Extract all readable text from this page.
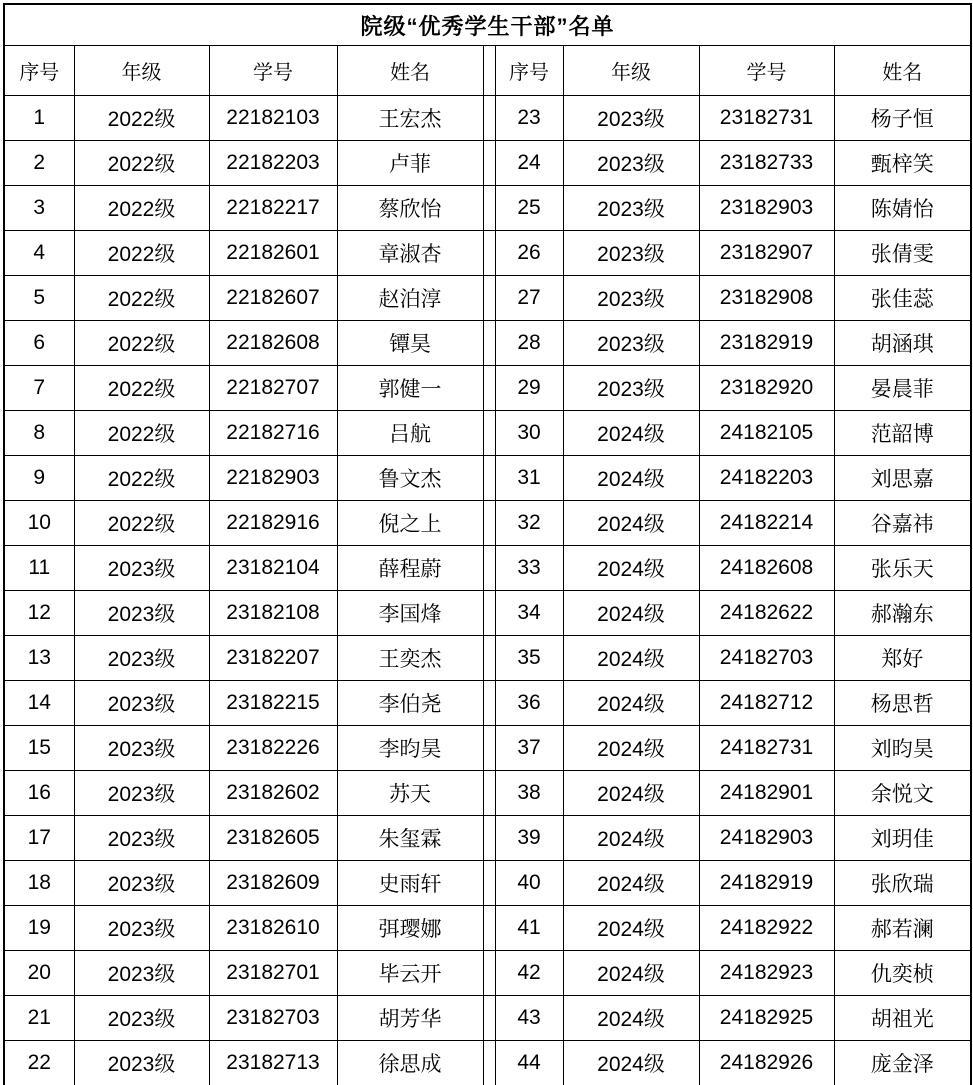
院级“优秀学生干部”名单								
序号	年级	学号	姓名		序号	年级	学号	姓名
1	2022级	22182103	王宏杰		23	2023级	23182731	杨子恒
2	2022级	22182203	卢菲		24	2023级	23182733	甄梓笑
3	2022级	22182217	蔡欣怡		25	2023级	23182903	陈婧怡
4	2022级	22182601	章淑杏		26	2023级	23182907	张倩雯
5	2022级	22182607	赵泊淳		27	2023级	23182908	张佳蕊
6	2022级	22182608	镡昊		28	2023级	23182919	胡涵琪
7	2022级	22182707	郭健一		29	2023级	23182920	晏晨菲
8	2022级	22182716	吕航		30	2024级	24182105	范韶博
9	2022级	22182903	鲁文杰		31	2024级	24182203	刘思嘉
10	2022级	22182916	倪之上		32	2024级	24182214	谷嘉祎
11	2023级	23182104	薛程蔚		33	2024级	24182608	张乐天
12	2023级	23182108	李国烽		34	2024级	24182622	郝瀚东
13	2023级	23182207	王奕杰		35	2024级	24182703	郑好
14	2023级	23182215	李伯尧		36	2024级	24182712	杨思哲
15	2023级	23182226	李昀昊		37	2024级	24182731	刘昀昊
16	2023级	23182602	苏天		38	2024级	24182901	余悦文
17	2023级	23182605	朱玺霖		39	2024级	24182903	刘玥佳
18	2023级	23182609	史雨轩		40	2024级	24182919	张欣瑞
19	2023级	23182610	弭璎娜		41	2024级	24182922	郝若澜
20	2023级	23182701	毕云开		42	2024级	24182923	仇奕桢
21	2023级	23182703	胡芳华		43	2024级	24182925	胡祖光
22	2023级	23182713	徐思成		44	2024级	24182926	庞金泽
